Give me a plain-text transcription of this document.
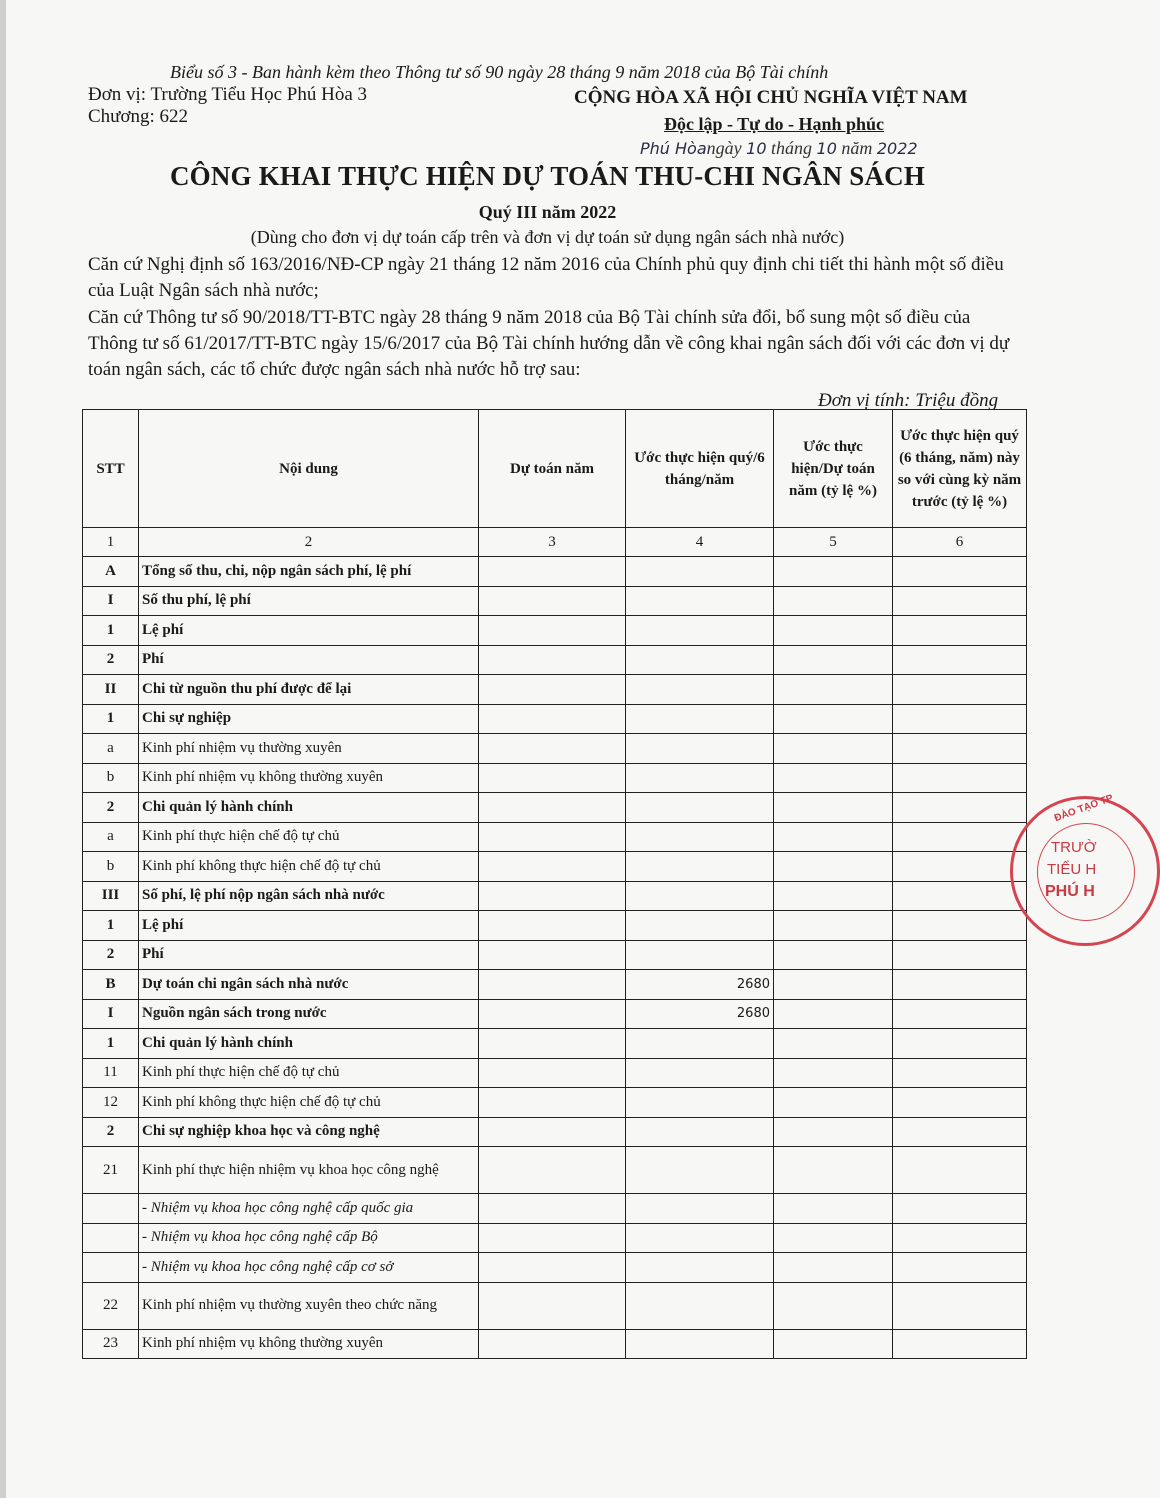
Biểu số 3 - Ban hành kèm theo Thông tư số 90 ngày 28 tháng 9 năm 2018 của Bộ Tài chính
Đơn vị: Trường Tiểu Học Phú Hòa 3
Chương: 622
CỘNG HÒA XÃ HỘI CHỦ NGHĨA VIỆT NAM
Độc lập - Tự do - Hạnh phúc
Phú Hòangày 10 tháng 10 năm 2022
CÔNG KHAI THỰC HIỆN DỰ TOÁN THU-CHI NGÂN SÁCH
Quý III năm 2022
(Dùng cho đơn vị dự toán cấp trên và đơn vị dự toán sử dụng ngân sách nhà nước)
Căn cứ Nghị định số 163/2016/NĐ-CP ngày 21 tháng 12 năm 2016 của Chính phủ quy định chi tiết thi hành một số điều của Luật Ngân sách nhà nước;
Căn cứ Thông tư số 90/2018/TT-BTC ngày 28 tháng 9 năm 2018 của Bộ Tài chính sửa đổi, bổ sung một số điều của Thông tư số 61/2017/TT-BTC ngày 15/6/2017 của Bộ Tài chính hướng dẫn về công khai ngân sách đối với các đơn vị dự toán ngân sách, các tổ chức được ngân sách nhà nước hỗ trợ sau:
Đơn vị tính: Triệu đồng
STT	Nội dung	Dự toán năm	Ước thực hiện quý/6 tháng/năm	Ước thực hiện/Dự toán năm (tỷ lệ %)	Ước thực hiện quý (6 tháng, năm) này so với cùng kỳ năm trước (tỷ lệ %)
1	2	3	4	5	6
A	Tổng số thu, chi, nộp ngân sách phí, lệ phí				
I	Số thu phí, lệ phí				
1	Lệ phí				
2	Phí				
II	Chi từ nguồn thu phí được để lại				
1	Chi sự nghiệp				
a	Kinh phí nhiệm vụ thường xuyên				
b	Kinh phí nhiệm vụ không thường xuyên				
2	Chi quản lý hành chính				
a	Kinh phí thực hiện chế độ tự chủ				
b	Kinh phí không thực hiện chế độ tự chủ				
III	Số phí, lệ phí nộp ngân sách nhà nước				
1	Lệ phí				
2	Phí				
B	Dự toán chi ngân sách nhà nước		2680		
I	Nguồn ngân sách trong nước		2680		
1	Chi quản lý hành chính				
11	Kinh phí thực hiện chế độ tự chủ				
12	Kinh phí không thực hiện chế độ tự chủ				
2	Chi sự nghiệp khoa học và công nghệ				
21	Kinh phí thực hiện nhiệm vụ khoa học công nghệ				
	- Nhiệm vụ khoa học công nghệ cấp quốc gia				
	- Nhiệm vụ khoa học công nghệ cấp Bộ				
	- Nhiệm vụ khoa học công nghệ cấp cơ sở				
22	Kinh phí nhiệm vụ thường xuyên theo chức năng				
23	Kinh phí nhiệm vụ không thường xuyên				
ĐÀO TẠO TP
TRƯỜ
TIỂU H
PHÚ H
